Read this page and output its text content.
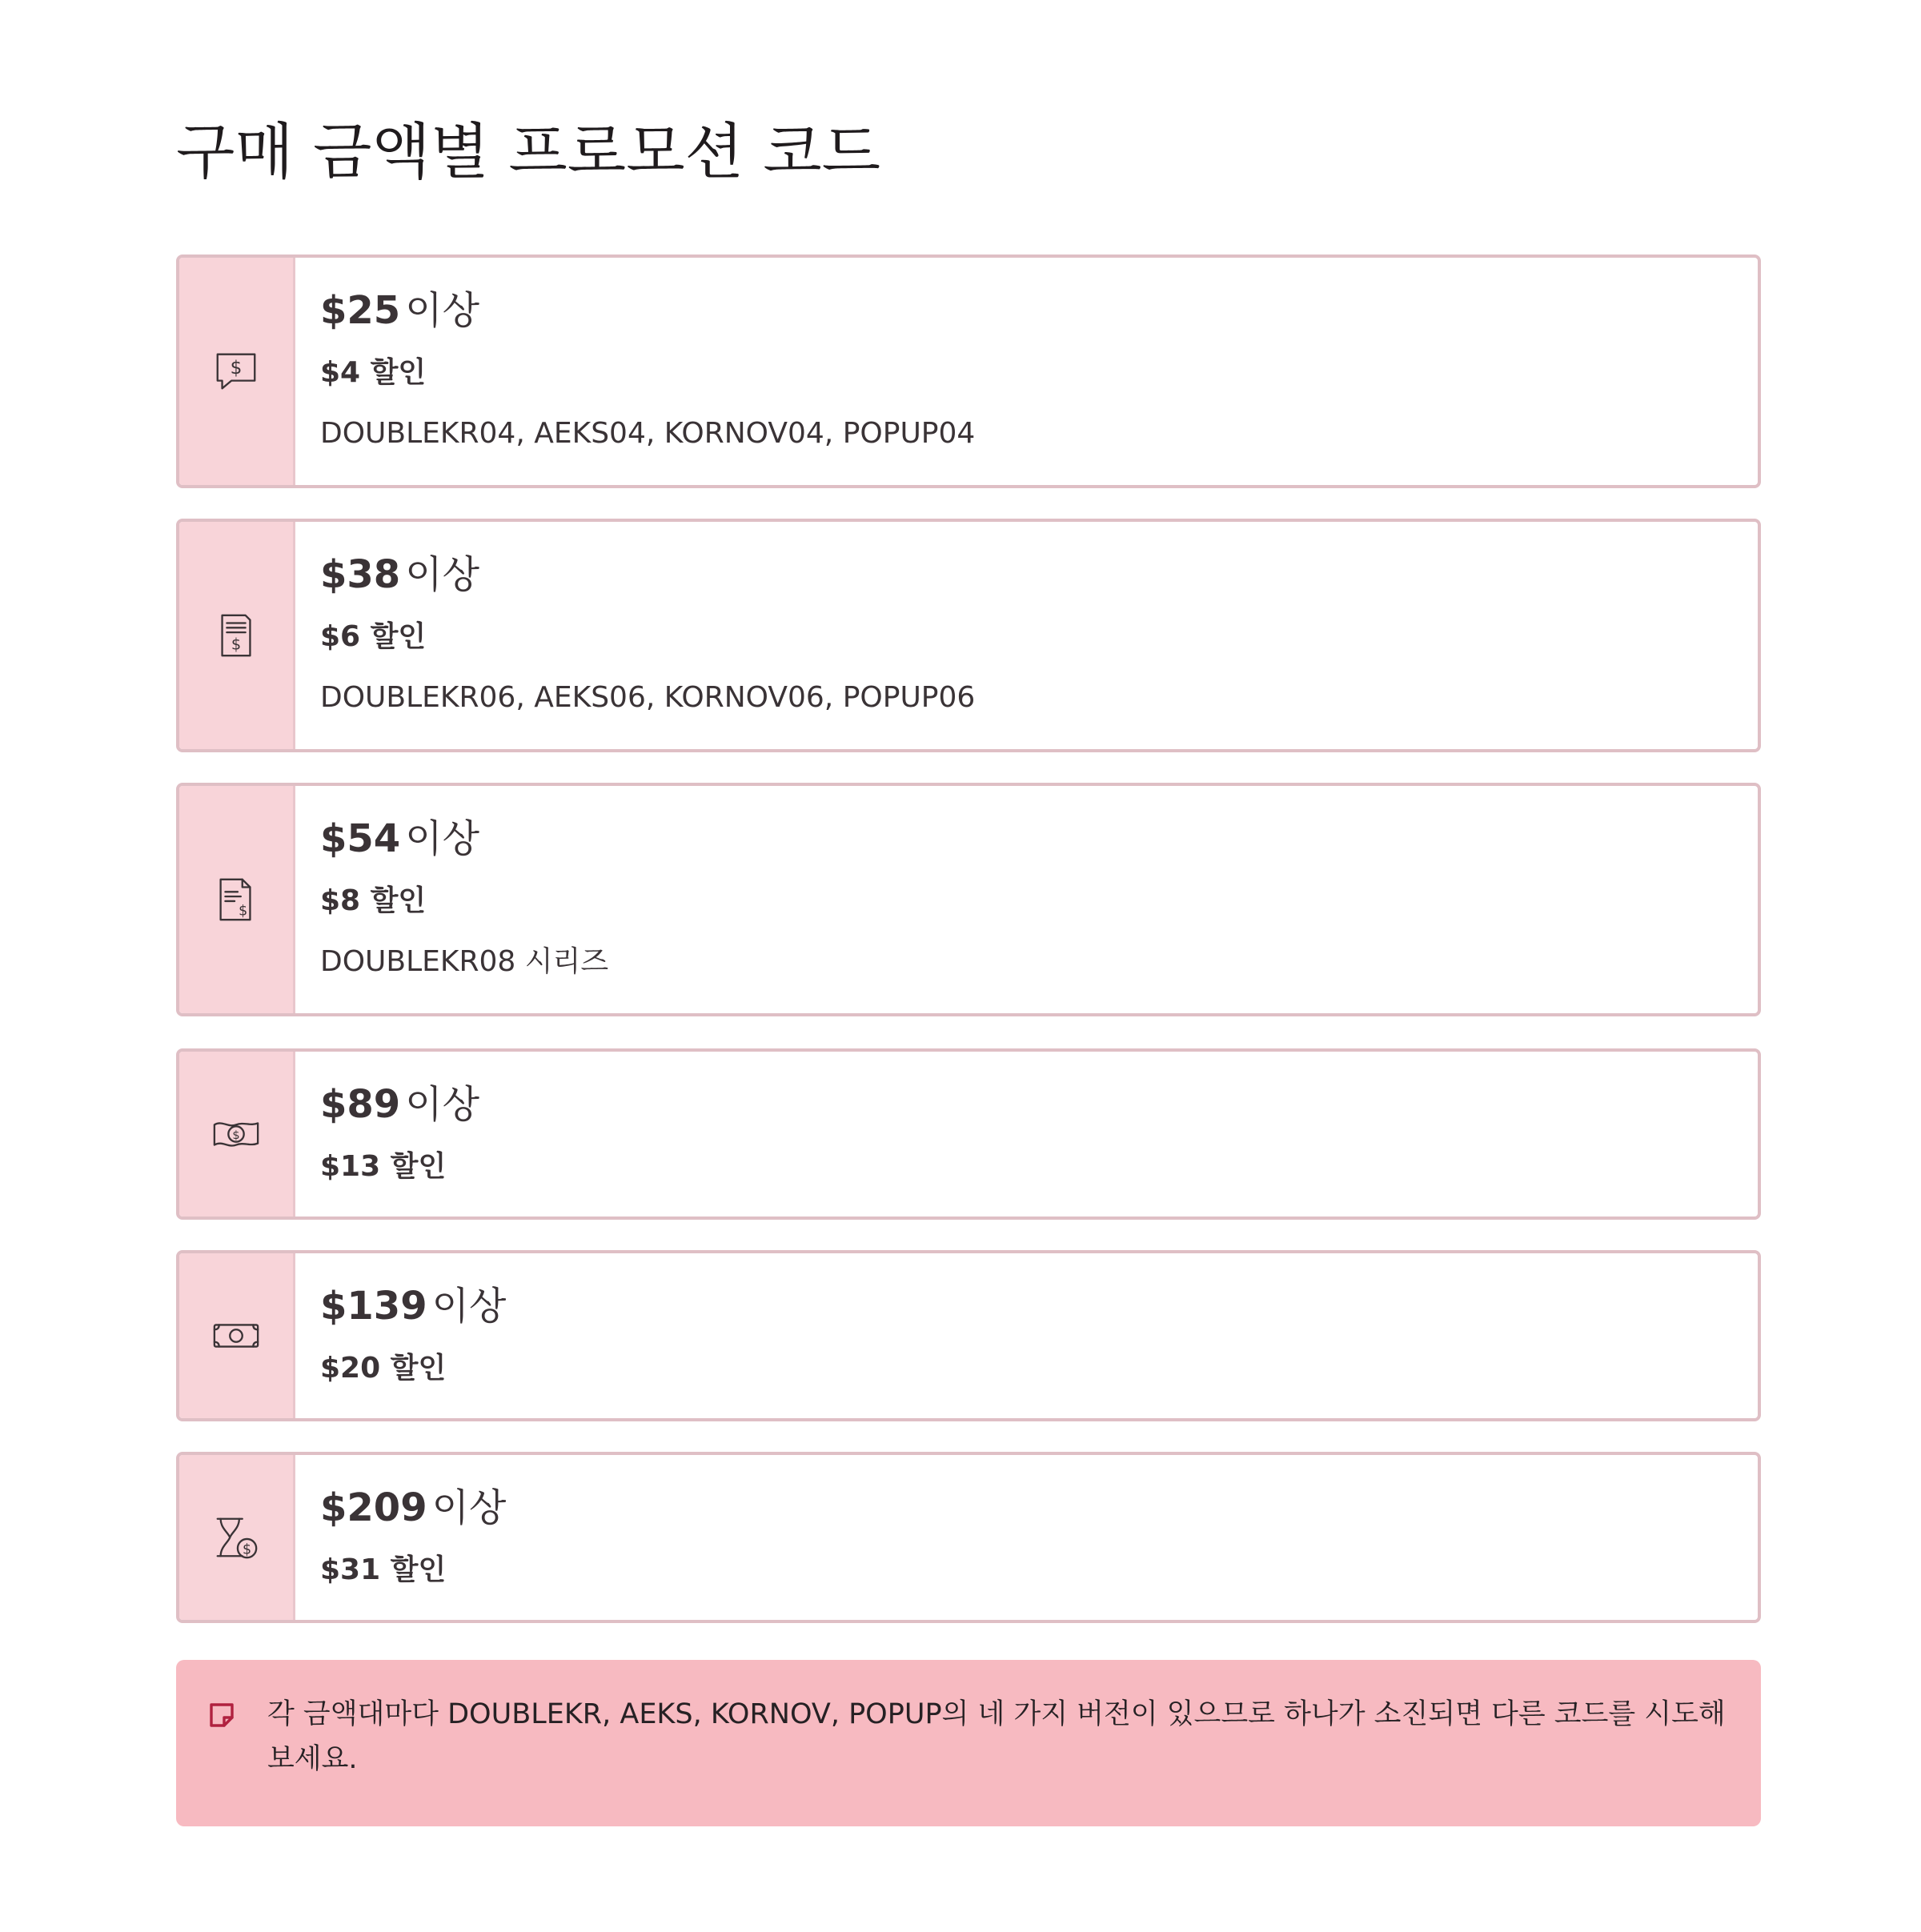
구매 금액별 프로모션 코드
$
$25 이상
$4 할인
DOUBLEKR04, AEKS04, KORNOV04, POPUP04
$
$38 이상
$6 할인
DOUBLEKR06, AEKS06, KORNOV06, POPUP06
$
$54 이상
$8 할인
DOUBLEKR08 시리즈
$
$89 이상
$13 할인
$139 이상
$20 할인
$
$209 이상
$31 할인
각 금액대마다 DOUBLEKR, AEKS, KORNOV, POPUP의 네 가지 버전이 있으므로 하나가 소진되면 다른 코드를 시도해보세요.
